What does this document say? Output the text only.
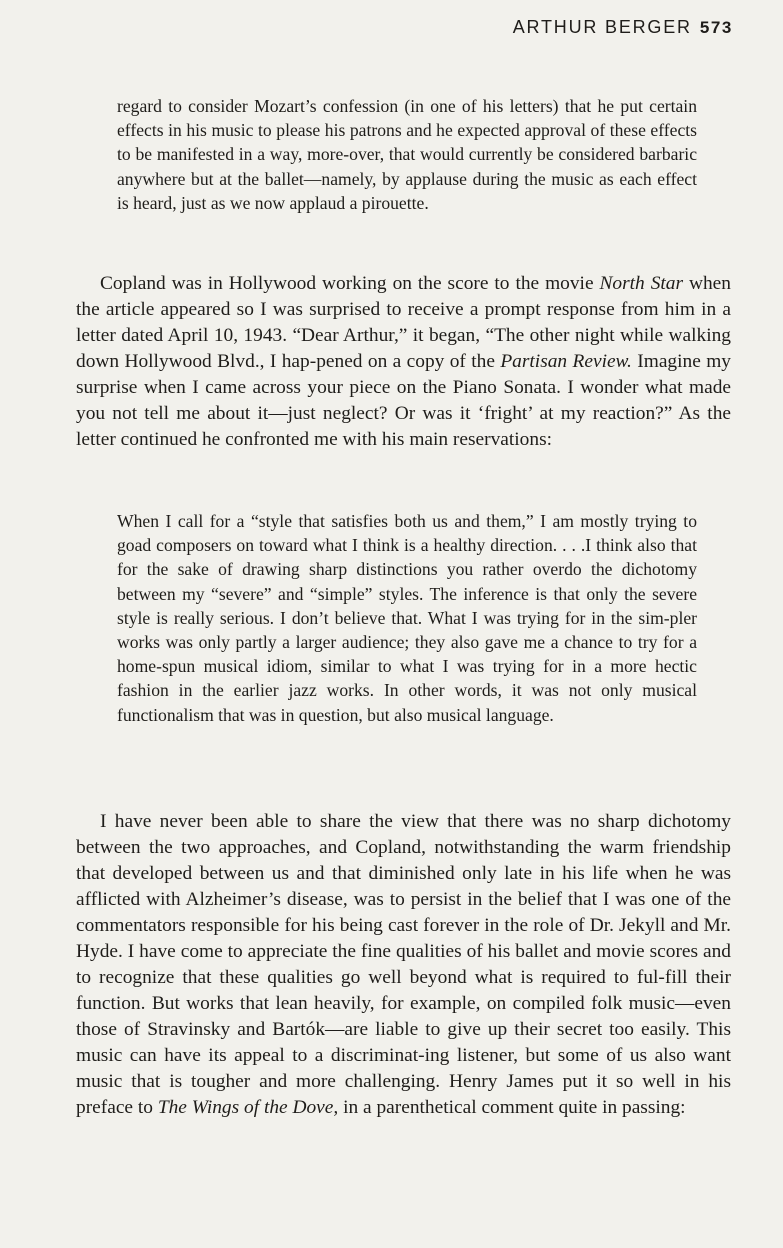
ARTHUR BERGER 573

regard to consider Mozart’s confession (in one of his letters) that he put certain effects in his music to please his patrons and he expected approval of these effects to be manifested in a way, more-over, that would currently be considered barbaric anywhere but at the ballet—namely, by applause during the music as each effect is heard, just as we now applaud a pirouette.

Copland was in Hollywood working on the score to the movie North Star when the article appeared so I was surprised to receive a prompt response from him in a letter dated April 10, 1943. “Dear Arthur,” it began, “The other night while walking down Hollywood Blvd., I hap-pened on a copy of the Partisan Review. Imagine my surprise when I came across your piece on the Piano Sonata. I wonder what made you not tell me about it—just neglect? Or was it ‘fright’ at my reaction?” As the letter continued he confronted me with his main reservations:

When I call for a “style that satisfies both us and them,” I am mostly trying to goad composers on toward what I think is a healthy direction. . . .I think also that for the sake of drawing sharp distinctions you rather overdo the dichotomy between my “severe” and “simple” styles. The inference is that only the severe style is really serious. I don’t believe that. What I was trying for in the sim-pler works was only partly a larger audience; they also gave me a chance to try for a home-spun musical idiom, similar to what I was trying for in a more hectic fashion in the earlier jazz works. In other words, it was not only musical functionalism that was in question, but also musical language.

I have never been able to share the view that there was no sharp dichotomy between the two approaches, and Copland, notwithstanding the warm friendship that developed between us and that diminished only late in his life when he was afflicted with Alzheimer’s disease, was to persist in the belief that I was one of the commentators responsible for his being cast forever in the role of Dr. Jekyll and Mr. Hyde. I have come to appreciate the fine qualities of his ballet and movie scores and to recognize that these qualities go well beyond what is required to ful-fill their function. But works that lean heavily, for example, on compiled folk music—even those of Stravinsky and Bartók—are liable to give up their secret too easily. This music can have its appeal to a discriminat-ing listener, but some of us also want music that is tougher and more challenging. Henry James put it so well in his preface to The Wings of the Dove, in a parenthetical comment quite in passing:
